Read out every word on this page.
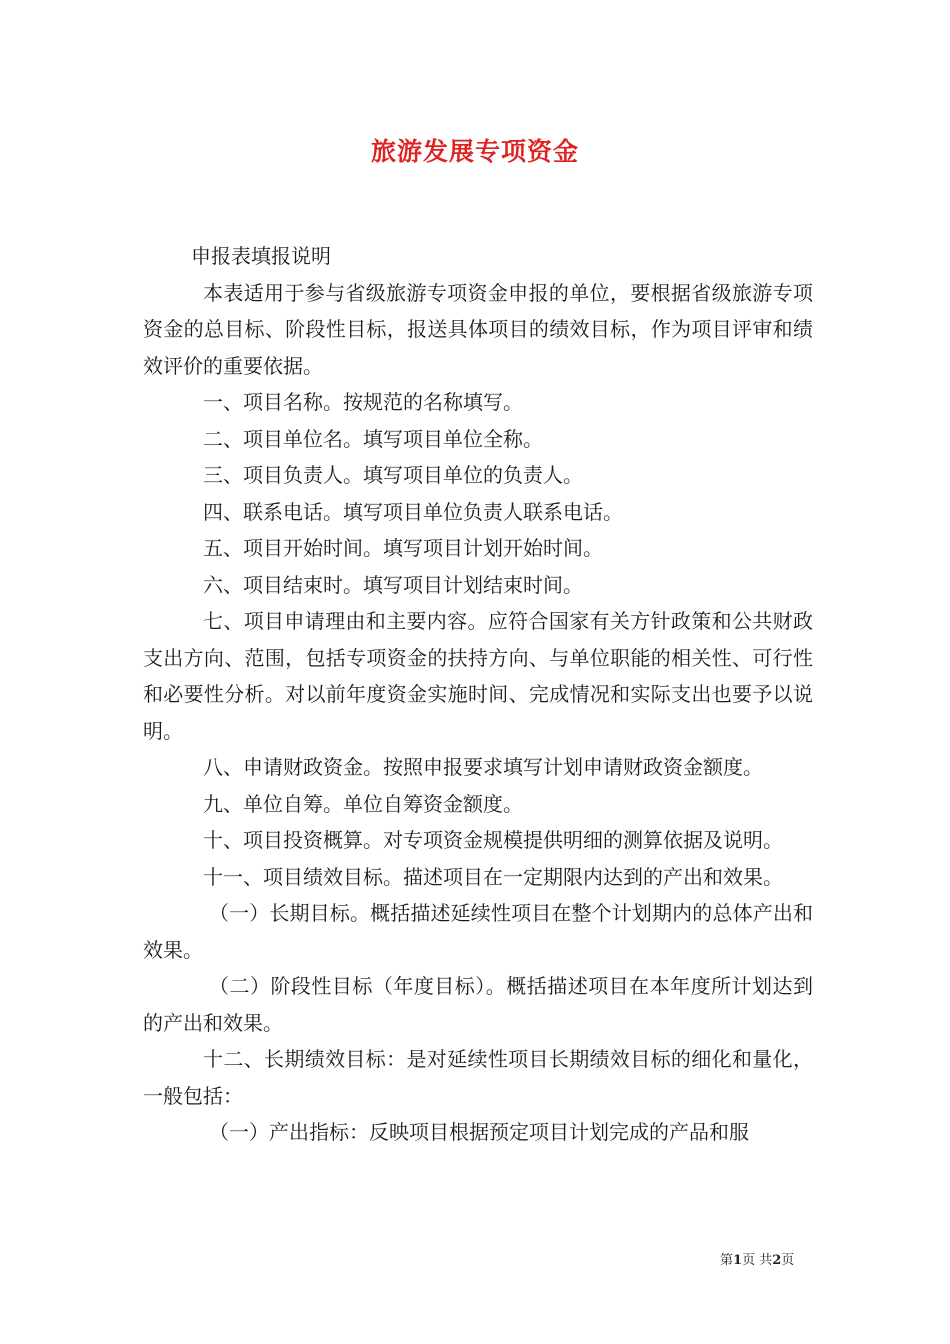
旅游发展专项资金

申报表填报说明

本表适用于参与省级旅游专项资金申报的单位，要根据省级旅游专项资金的总目标、阶段性目标，报送具体项目的绩效目标，作为项目评审和绩效评价的重要依据。

一、项目名称。按规范的名称填写。

二、项目单位名。填写项目单位全称。

三、项目负责人。填写项目单位的负责人。

四、联系电话。填写项目单位负责人联系电话。

五、项目开始时间。填写项目计划开始时间。

六、项目结束时。填写项目计划结束时间。

七、项目申请理由和主要内容。应符合国家有关方针政策和公共财政支出方向、范围，包括专项资金的扶持方向、与单位职能的相关性、可行性和必要性分析。对以前年度资金实施时间、完成情况和实际支出也要予以说明。

八、申请财政资金。按照申报要求填写计划申请财政资金额度。

九、单位自筹。单位自筹资金额度。

十、项目投资概算。对专项资金规模提供明细的测算依据及说明。

十一、项目绩效目标。描述项目在一定期限内达到的产出和效果。

（一）长期目标。概括描述延续性项目在整个计划期内的总体产出和效果。

（二）阶段性目标（年度目标）。概括描述项目在本年度所计划达到的产出和效果。

十二、长期绩效目标：是对延续性项目长期绩效目标的细化和量化，一般包括：

（一）产出指标：反映项目根据预定项目计划完成的产品和服

第1页 共2页
